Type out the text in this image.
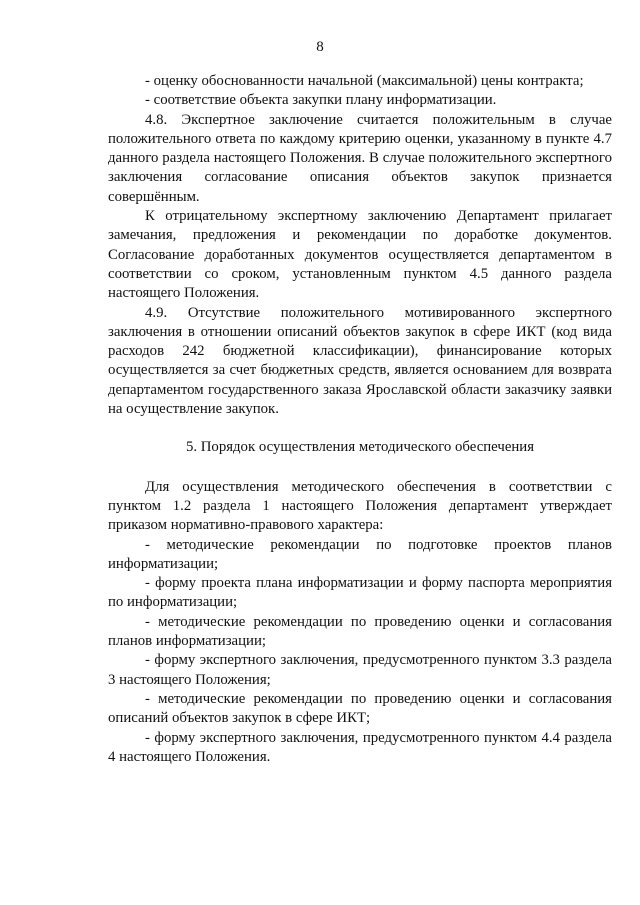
8

- оценку обоснованности начальной (максимальной) цены контракта;

- соответствие объекта закупки плану информатизации.

4.8. Экспертное заключение считается положительным в случае положительного ответа по каждому критерию оценки, указанному в пункте 4.7 данного раздела настоящего Положения. В случае положительного экспертного заключения согласование описания объектов закупок признается совершённым.

К отрицательному экспертному заключению Департамент прилагает замечания, предложения и рекомендации по доработке документов. Согласование доработанных документов осуществляется департаментом в соответствии со сроком, установленным пунктом 4.5 данного раздела настоящего Положения.

4.9. Отсутствие положительного мотивированного экспертного заключения в отношении описаний объектов закупок в сфере ИКТ (код вида расходов 242 бюджетной классификации), финансирование которых осуществляется за счет бюджетных средств, является основанием для возврата департаментом государственного заказа Ярославской области заказчику заявки на осуществление закупок.

5. Порядок осуществления методического обеспечения

Для осуществления методического обеспечения в соответствии с пунктом 1.2 раздела 1 настоящего Положения департамент утверждает приказом нормативно-правового характера:

- методические рекомендации по подготовке проектов планов информатизации;

- форму проекта плана информатизации и форму паспорта мероприятия по информатизации;

- методические рекомендации по проведению оценки и согласования планов информатизации;

- форму экспертного заключения, предусмотренного пунктом 3.3 раздела 3 настоящего Положения;

- методические рекомендации по проведению оценки и согласования описаний объектов закупок в сфере ИКТ;

- форму экспертного заключения, предусмотренного пунктом 4.4 раздела 4 настоящего Положения.
